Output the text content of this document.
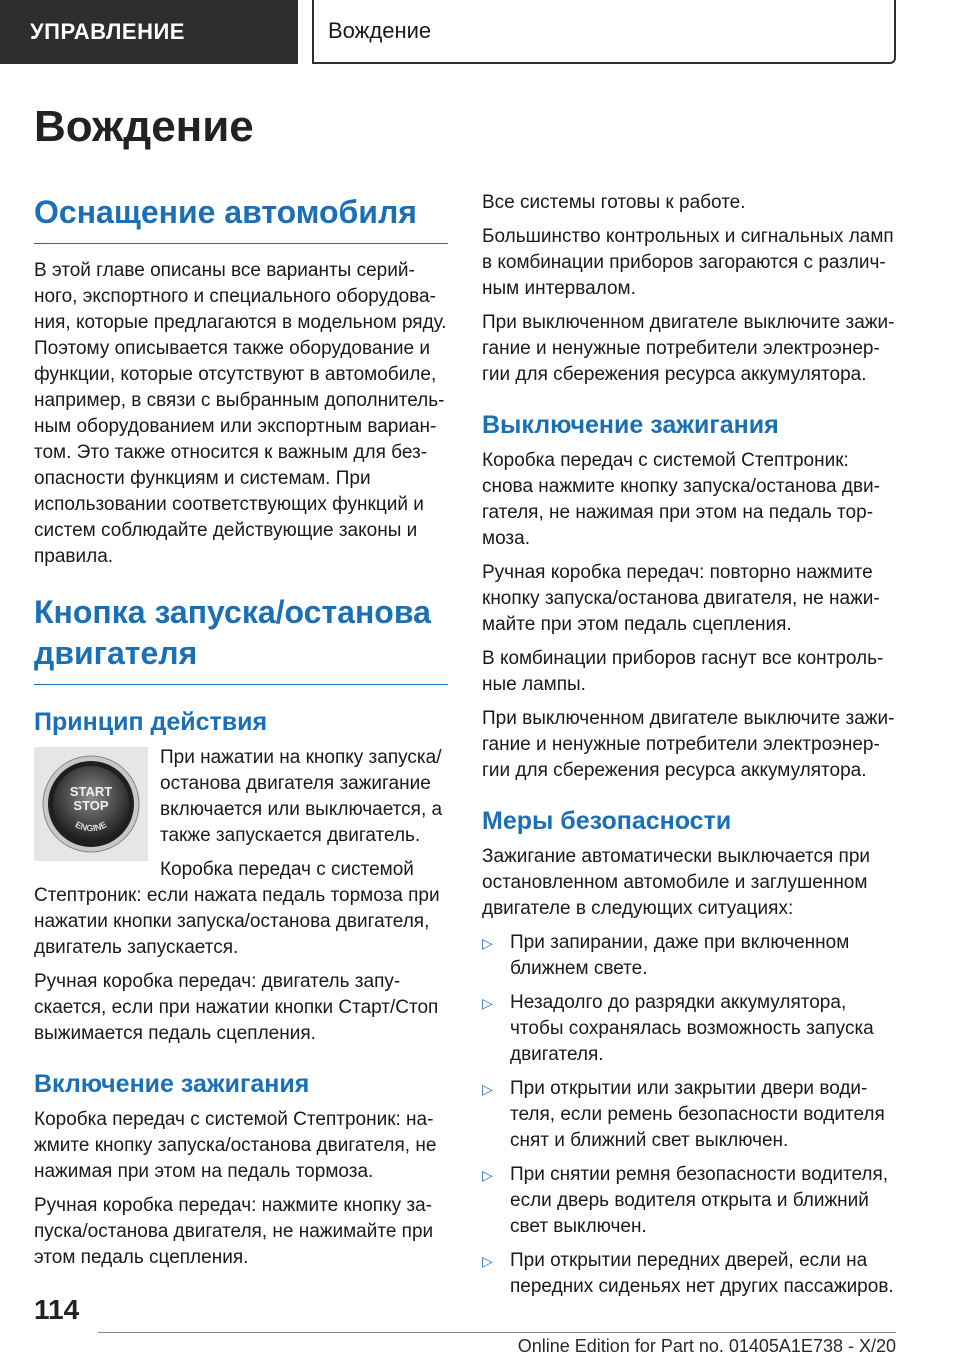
УПРАВЛЕНИЕ	Вождение
Вождение
Оснащение автомобиля

В этой главе описаны все варианты серийного, экспортного и специального оборудования, которые предлагаются в модельном ряду. Поэтому описывается также оборудование и функции, которые отсутствуют в автомобиле, например, в связи с выбранным дополнительным оборудованием или экспортным вариантом. Это также относится к важным для безопасности функциям и системам. При использовании соответствующих функций и систем соблюдайте действующие законы и правила.

Кнопка запуска/останова двигателя
Принцип действия
START
STOP
ENGINE

При нажатии на кнопку запуска/ останова двигателя зажигание включается или выключается, а также запускается двигатель.

Коробка передач с системой Стептроник: если нажата педаль тормоза при нажатии кнопки запуска/останова двигателя, двигатель запускается.

Ручная коробка передач: двигатель запускается, если при нажатии кнопки Старт/Стоп выжимается педаль сцепления.

Включение зажигания

Коробка передач с системой Стептроник: нажмите кнопку запуска/останова двигателя, не нажимая при этом на педаль тормоза.

Ручная коробка передач: нажмите кнопку запуска/останова двигателя, не нажимайте при этом педаль сцепления.

Все системы готовы к работе.

Большинство контрольных и сигнальных ламп в комбинации приборов загораются с различным интервалом.

При выключенном двигателе выключите зажигание и ненужные потребители электроэнергии для сбережения ресурса аккумулятора.

Выключение зажигания

Коробка передач с системой Стептроник: снова нажмите кнопку запуска/останова двигателя, не нажимая при этом на педаль тормоза.

Ручная коробка передач: повторно нажмите кнопку запуска/останова двигателя, не нажимайте при этом педаль сцепления.

В комбинации приборов гаснут все контрольные лампы.

При выключенном двигателе выключите зажигание и ненужные потребители электроэнергии для сбережения ресурса аккумулятора.

Меры безопасности

Зажигание автоматически выключается при остановленном автомобиле и заглушенном двигателе в следующих ситуациях:

▷ При запирании, даже при включенном ближнем свете.
▷ Незадолго до разрядки аккумулятора, чтобы сохранялась возможность запуска двигателя.
▷ При открытии или закрытии двери водителя, если ремень безопасности водителя снят и ближний свет выключен.
▷ При снятии ремня безопасности водителя, если дверь водителя открыта и ближний свет выключен.
▷ При открытии передних дверей, если на передних сиденьях нет других пассажиров.
114
Online Edition for Part no. 01405A1E738 - X/20
